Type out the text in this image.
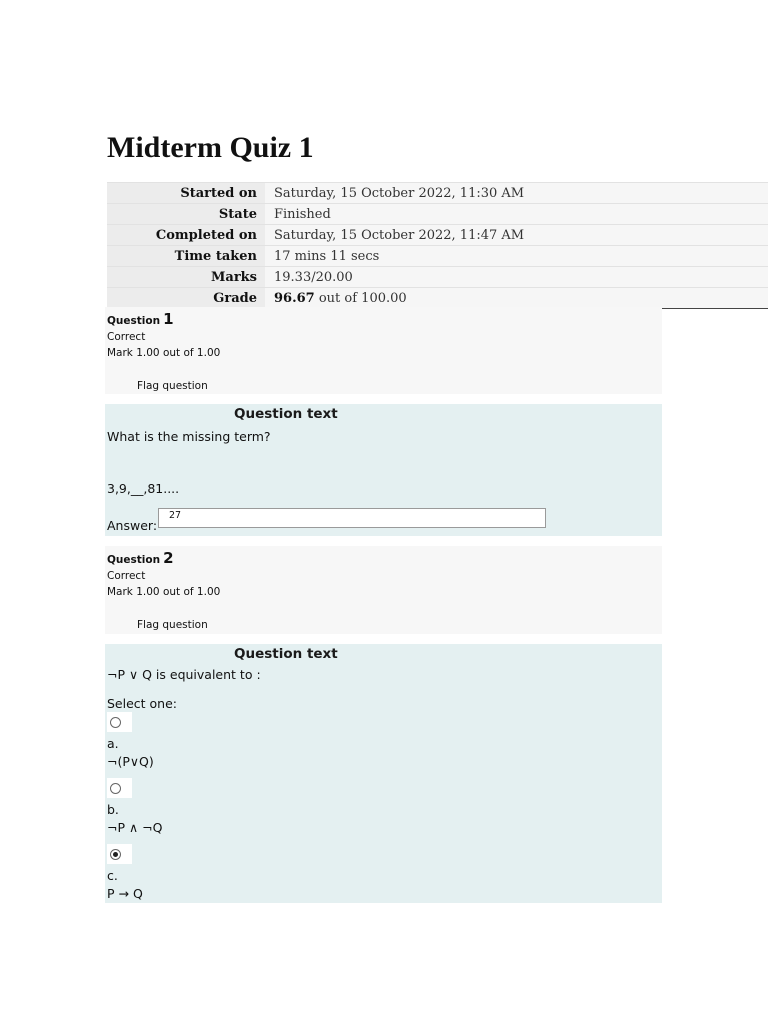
Midterm Quiz 1
Started on	Saturday, 15 October 2022, 11:30 AM
State	Finished
Completed on	Saturday, 15 October 2022, 11:47 AM
Time taken	17 mins 11 secs
Marks	19.33/20.00
Grade	96.67 out of 100.00
Question 1
Correct
Mark 1.00 out of 1.00
Flag question
Question text
What is the missing term?
3,9,__,81....
Answer:
27
Question 2
Correct
Mark 1.00 out of 1.00
Flag question
Question text
¬P ∨ Q is equivalent to :
Select one:
a.
¬(P∨Q)
b.
¬P ∧ ¬Q
c.
P → Q
